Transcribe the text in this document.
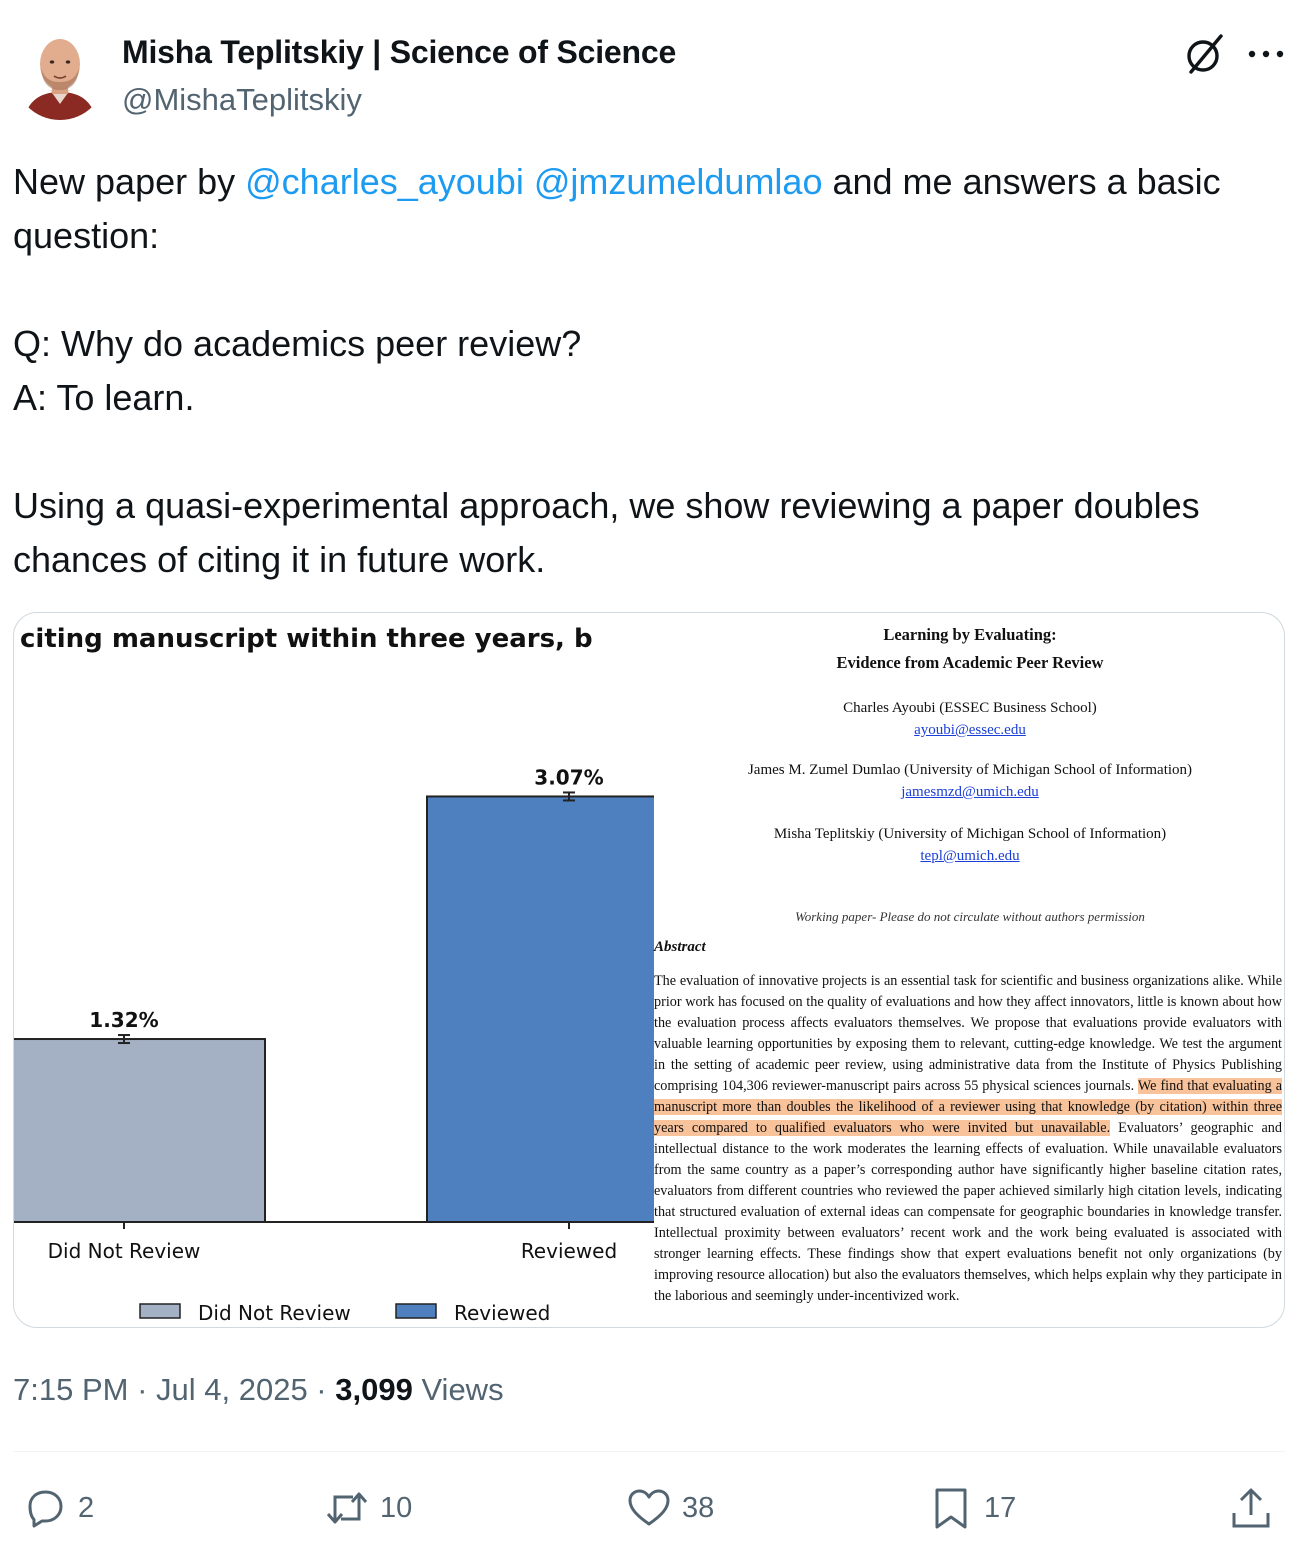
Misha Teplitskiy | Science of Science
@MishaTeplitskiy

New paper by @charles_ayoubi @jmzumeldumlao and me answers a basic

question:

Q: Why do academics peer review?

A: To learn.

Using a quasi-experimental approach, we show reviewing a paper doubles

chances of citing it in future work.

citing manuscript within three years, b
1.32%
Did Not Review
3.07%
Reviewed
Did Not Review	Reviewed
Learning by Evaluating:
Evidence from Academic Peer Review
Charles Ayoubi (ESSEC Business School)
ayoubi@essec.edu
James M. Zumel Dumlao (University of Michigan School of Information)
jamesmzd@umich.edu
Misha Teplitskiy (University of Michigan School of Information)
tepl@umich.edu
Working paper- Please do not circulate without authors permission
Abstract
The evaluation of innovative projects is an essential task for scientific and business organizations alike. While prior work has focused on the quality of evaluations and how they affect innovators, little is known about how the evaluation process affects evaluators themselves. We propose that evaluations provide evaluators with valuable learning opportunities by exposing them to relevant, cutting-edge knowledge. We test the argument in the setting of academic peer review, using administrative data from the Institute of Physics Publishing comprising 104,306 reviewer-manuscript pairs across 55 physical sciences journals. We find that evaluating a manuscript more than doubles the likelihood of a reviewer using that knowledge (by citation) within three years compared to qualified evaluators who were invited but unavailable. Evaluators’ geographic and intellectual distance to the work moderates the learning effects of evaluation. While unavailable evaluators from the same country as a paper’s corresponding author have significantly higher baseline citation rates, evaluators from different countries who reviewed the paper achieved similarly high citation levels, indicating that structured evaluation of external ideas can compensate for geographic boundaries in knowledge transfer. Intellectual proximity between evaluators’ recent work and the work being evaluated is associated with stronger learning effects. These findings show that expert evaluations benefit not only organizations (by improving resource allocation) but also the evaluators themselves, which helps explain why they participate in the laborious and seemingly under-incentivized work.
7:15 PM · Jul 4, 2025 · 3,099 Views
2	10	38	17
